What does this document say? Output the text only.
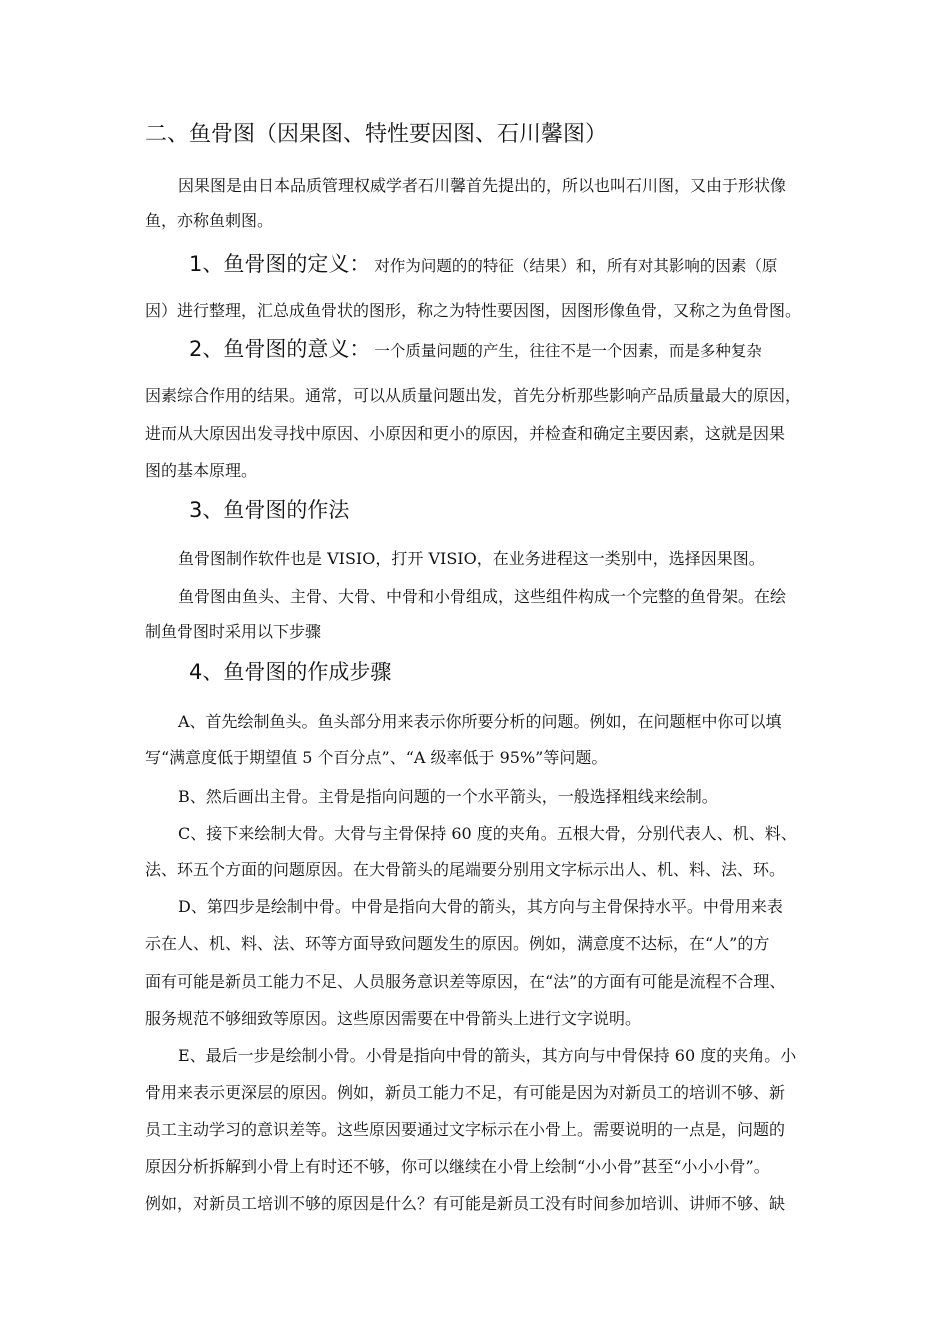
二、鱼骨图（因果图、特性要因图、石川馨图）
因果图是由日本品质管理权威学者石川馨首先提出的，所以也叫石川图，又由于形状像
鱼，亦称鱼刺图。
1、鱼骨图的定义： 对作为问题的的特征（结果）和，所有对其影响的因素（原
因）进行整理，汇总成鱼骨状的图形，称之为特性要因图，因图形像鱼骨，又称之为鱼骨图。
2、鱼骨图的意义： 一个质量问题的产生，往往不是一个因素，而是多种复杂
因素综合作用的结果。通常，可以从质量问题出发，首先分析那些影响产品质量最大的原因，
进而从大原因出发寻找中原因、小原因和更小的原因，并检查和确定主要因素，这就是因果
图的基本原理。
3、鱼骨图的作法
鱼骨图制作软件也是 VISIO，打开 VISIO，在业务进程这一类别中，选择因果图。
鱼骨图由鱼头、主骨、大骨、中骨和小骨组成，这些组件构成一个完整的鱼骨架。在绘
制鱼骨图时采用以下步骤
4、鱼骨图的作成步骤
A、首先绘制鱼头。鱼头部分用来表示你所要分析的问题。例如，在问题框中你可以填
写“满意度低于期望值 5 个百分点”、“A 级率低于 95%”等问题。
B、然后画出主骨。主骨是指向问题的一个水平箭头，一般选择粗线来绘制。
C、接下来绘制大骨。大骨与主骨保持 60 度的夹角。五根大骨，分别代表人、机、料、
法、环五个方面的问题原因。在大骨箭头的尾端要分别用文字标示出人、机、料、法、环。
D、第四步是绘制中骨。中骨是指向大骨的箭头，其方向与主骨保持水平。中骨用来表
示在人、机、料、法、环等方面导致问题发生的原因。例如，满意度不达标，在“人”的方
面有可能是新员工能力不足、人员服务意识差等原因，在“法”的方面有可能是流程不合理、
服务规范不够细致等原因。这些原因需要在中骨箭头上进行文字说明。
E、最后一步是绘制小骨。小骨是指向中骨的箭头，其方向与中骨保持 60 度的夹角。小
骨用来表示更深层的原因。例如，新员工能力不足，有可能是因为对新员工的培训不够、新
员工主动学习的意识差等。这些原因要通过文字标示在小骨上。需要说明的一点是，问题的
原因分析拆解到小骨上有时还不够，你可以继续在小骨上绘制“小小骨”甚至“小小小骨”。
例如，对新员工培训不够的原因是什么？有可能是新员工没有时间参加培训、讲师不够、缺
